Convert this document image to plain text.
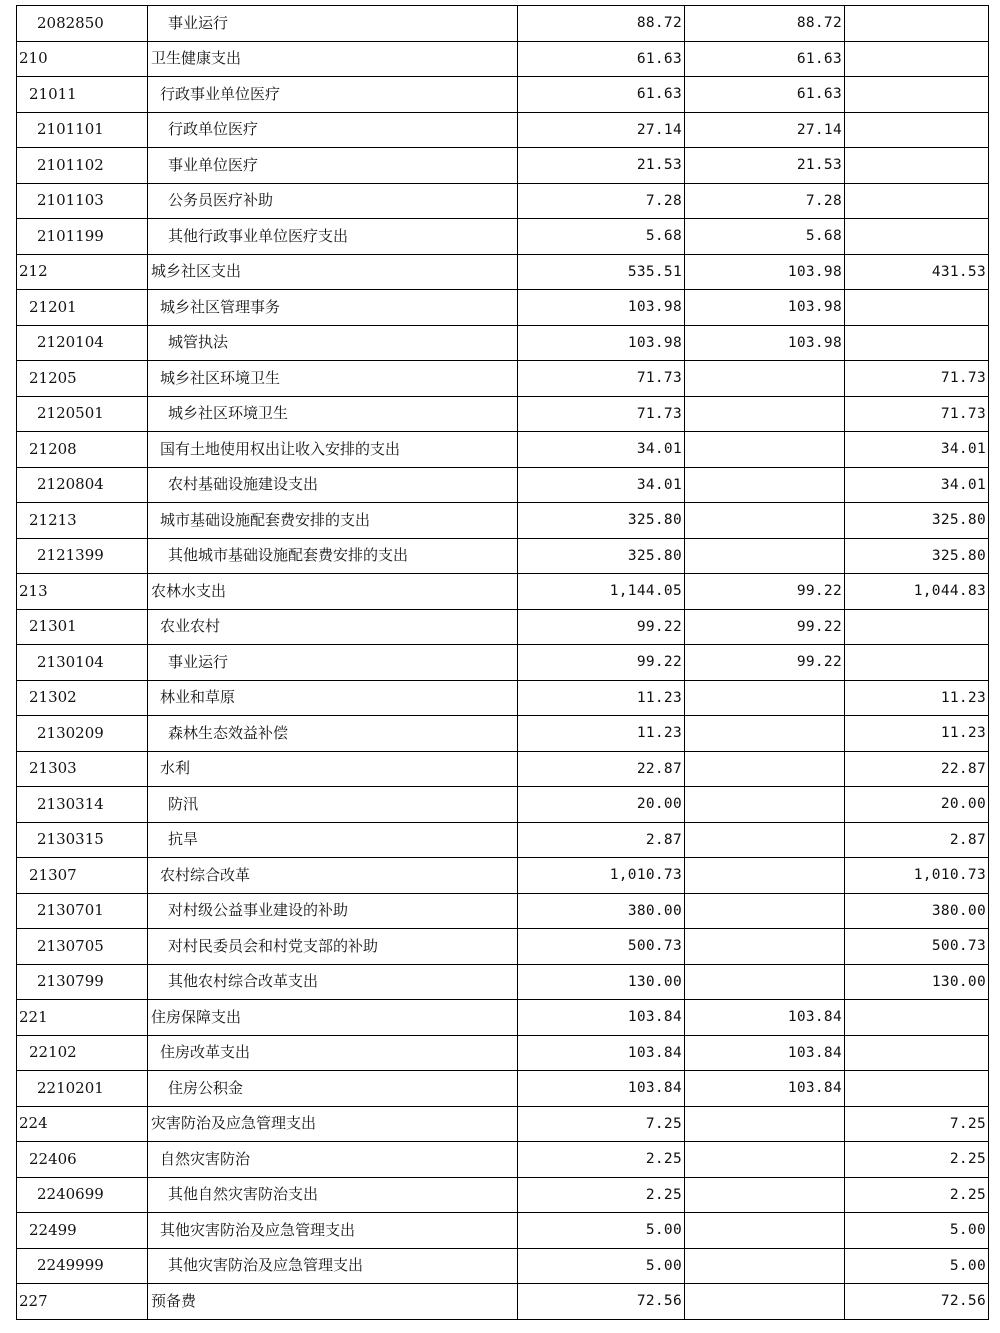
2082850	事业运行	88.72	88.72	
210	卫生健康支出	61.63	61.63	
21011	行政事业单位医疗	61.63	61.63	
2101101	行政单位医疗	27.14	27.14	
2101102	事业单位医疗	21.53	21.53	
2101103	公务员医疗补助	7.28	7.28	
2101199	其他行政事业单位医疗支出	5.68	5.68	
212	城乡社区支出	535.51	103.98	431.53
21201	城乡社区管理事务	103.98	103.98	
2120104	城管执法	103.98	103.98	
21205	城乡社区环境卫生	71.73		71.73
2120501	城乡社区环境卫生	71.73		71.73
21208	国有土地使用权出让收入安排的支出	34.01		34.01
2120804	农村基础设施建设支出	34.01		34.01
21213	城市基础设施配套费安排的支出	325.80		325.80
2121399	其他城市基础设施配套费安排的支出	325.80		325.80
213	农林水支出	1,144.05	99.22	1,044.83
21301	农业农村	99.22	99.22	
2130104	事业运行	99.22	99.22	
21302	林业和草原	11.23		11.23
2130209	森林生态效益补偿	11.23		11.23
21303	水利	22.87		22.87
2130314	防汛	20.00		20.00
2130315	抗旱	2.87		2.87
21307	农村综合改革	1,010.73		1,010.73
2130701	对村级公益事业建设的补助	380.00		380.00
2130705	对村民委员会和村党支部的补助	500.73		500.73
2130799	其他农村综合改革支出	130.00		130.00
221	住房保障支出	103.84	103.84	
22102	住房改革支出	103.84	103.84	
2210201	住房公积金	103.84	103.84	
224	灾害防治及应急管理支出	7.25		7.25
22406	自然灾害防治	2.25		2.25
2240699	其他自然灾害防治支出	2.25		2.25
22499	其他灾害防治及应急管理支出	5.00		5.00
2249999	其他灾害防治及应急管理支出	5.00		5.00
227	预备费	72.56		72.56
